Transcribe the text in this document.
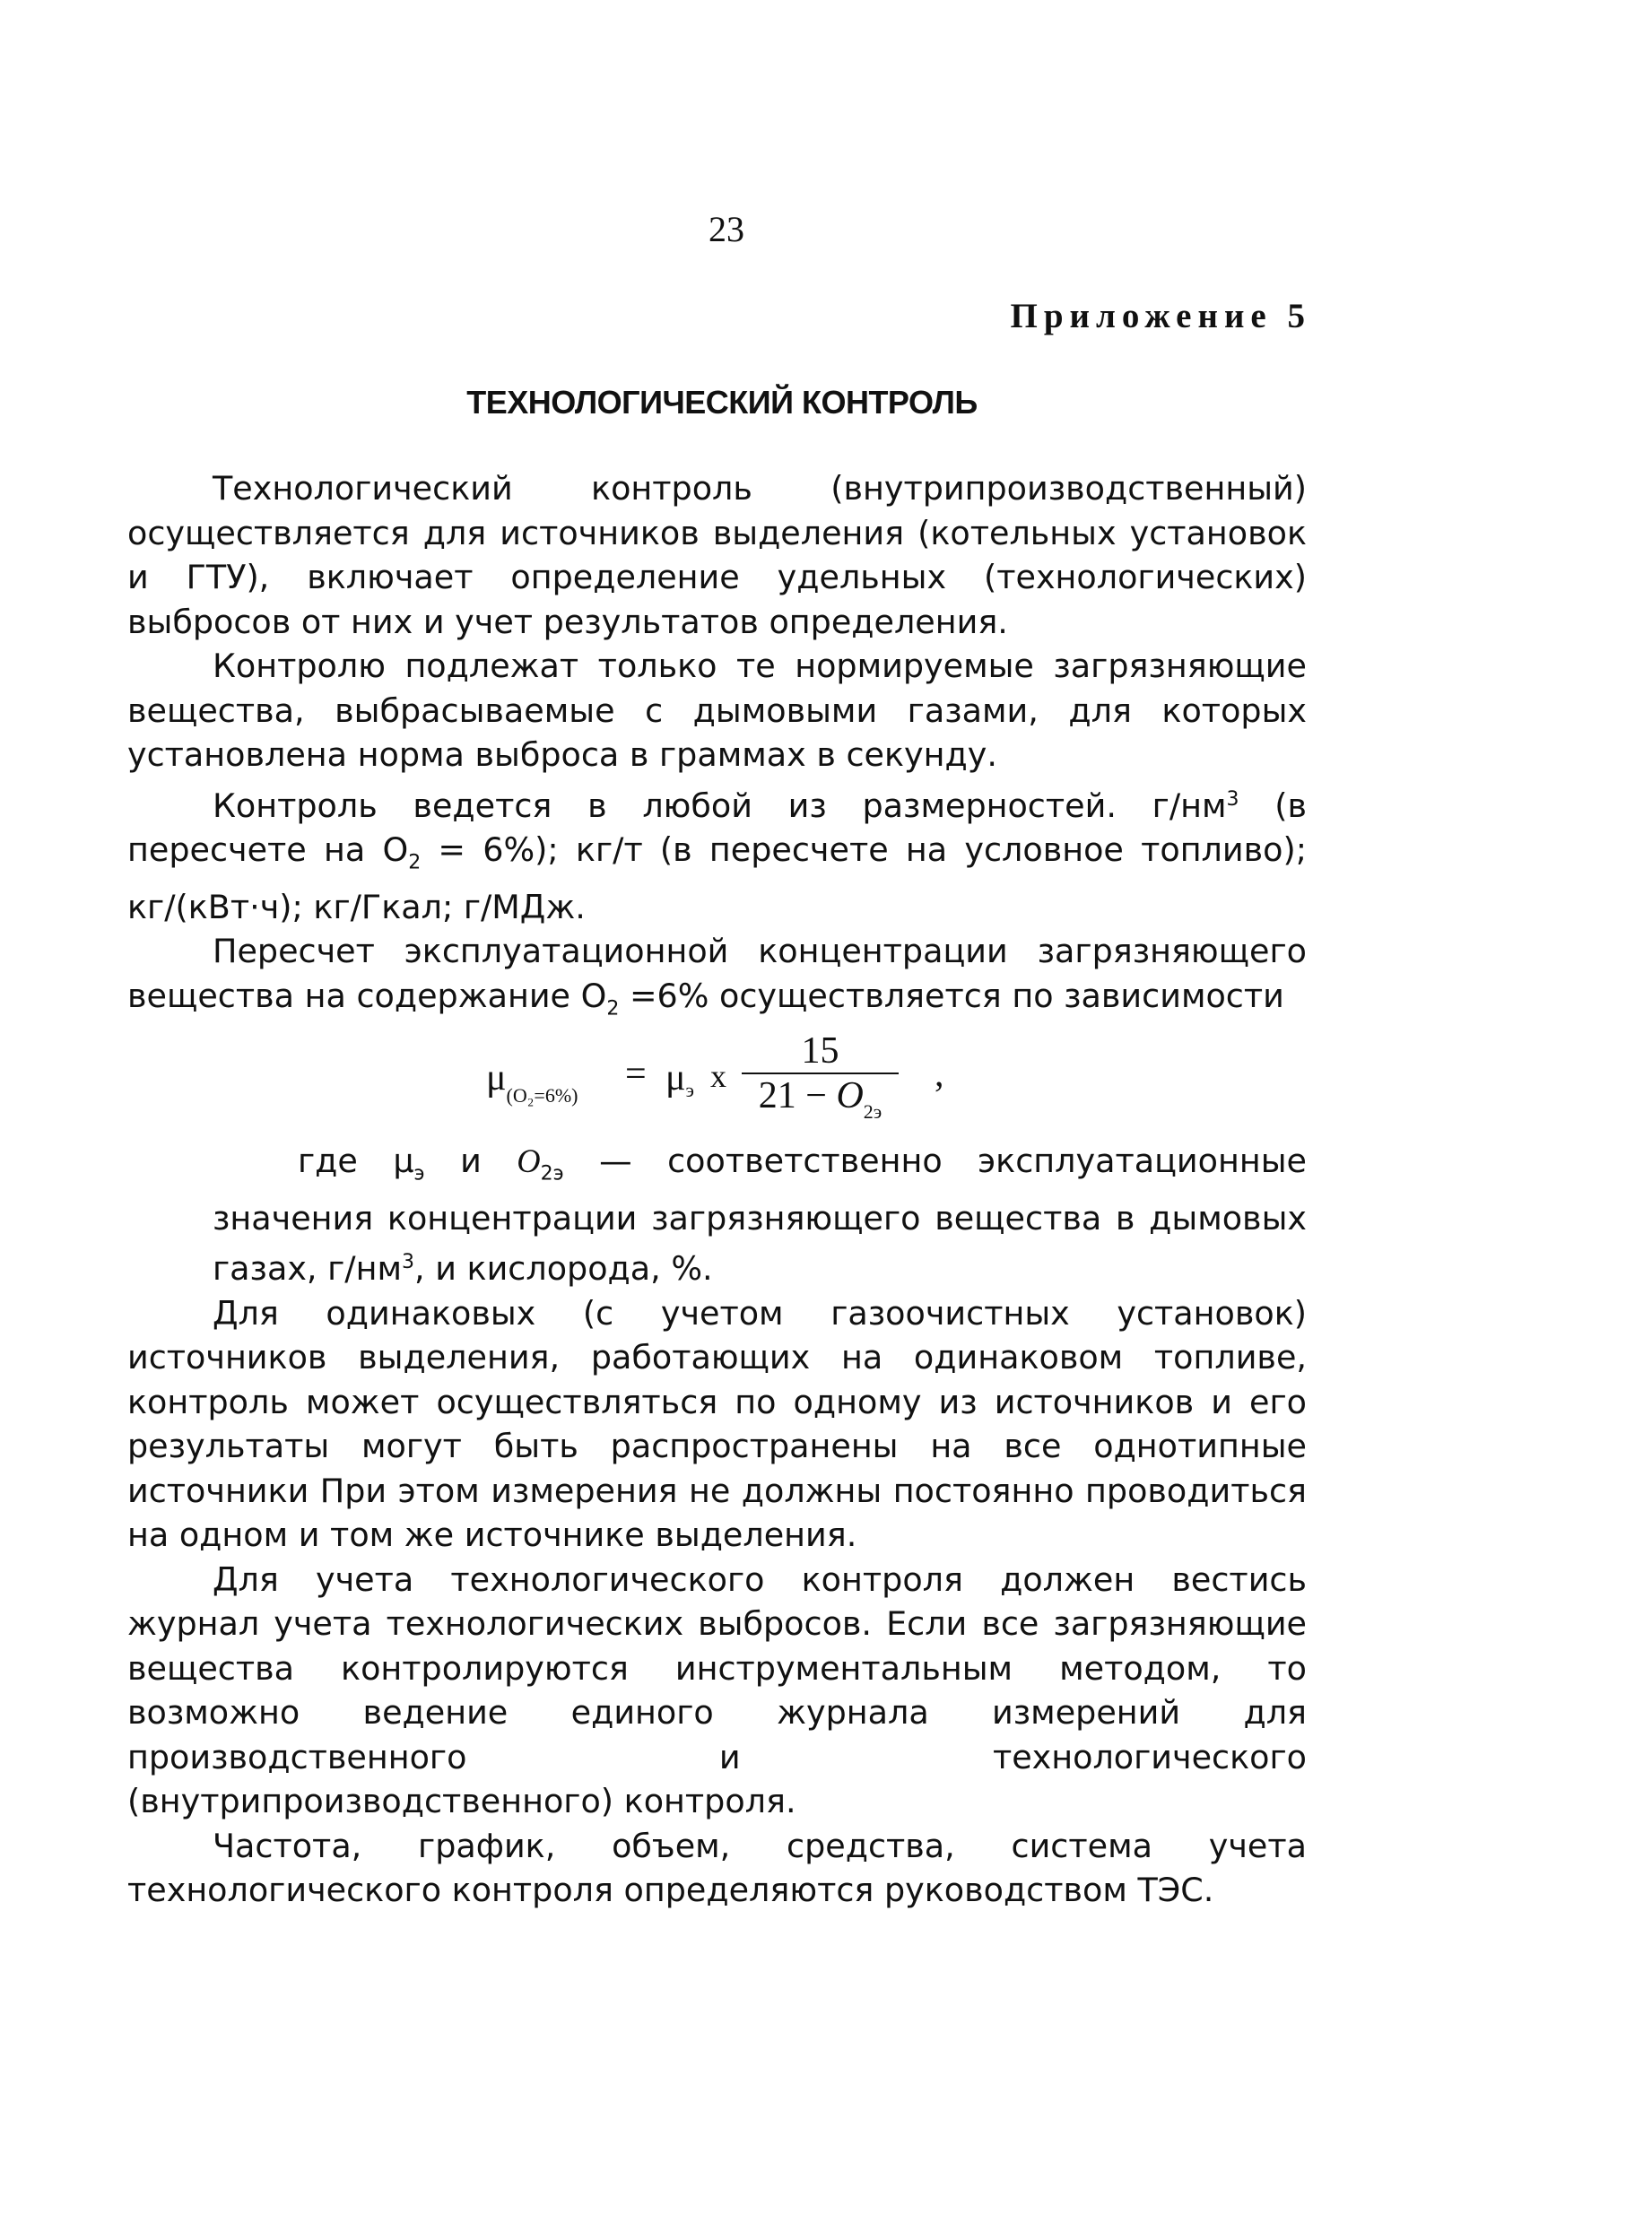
23
Приложение 5
ТЕХНОЛОГИЧЕСКИЙ КОНТРОЛЬ

Технологический контроль (внутрипроизводственный) осуществляется для источников выделения (котельных установок и ГТУ), включает определение удельных (технологических) выбросов от них и учет результатов определения.

Контролю подлежат только те нормируемые загрязняющие вещества, выбрасываемые с дымовыми газами, для которых установлена норма выброса в граммах в секунду.

Контроль ведется в любой из размерностей. $г/нм^3$ (в пересчете на $О_2 = 6\%$); кг/т (в пересчете на условное топливо); кг/(кВт·ч); кг/Гкал; г/МДж.

Пересчет эксплуатационной концентрации загрязняющего вещества на содержание $О_2 =6\%$ осуществляется по зависимости

$\mu_{(O_2=6\%)}$
= $\mu_э$ x
15
$21 - O_{2э}$
,

где $\mu_э$ и $O_{2э}$ — соответственно эксплуатационные значения концентрации загрязняющего вещества в дымовых газах, $г/нм^3$, и кислорода, %.

Для одинаковых (с учетом газоочистных установок) источников выделения, работающих на одинаковом топливе, контроль может осуществляться по одному из источников и его результаты могут быть распространены на все однотипные источники При этом измерения не должны постоянно проводиться на одном и том же источнике выделения.

Для учета технологического контроля должен вестись журнал учета технологических выбросов. Если все загрязняющие вещества контролируются инструментальным методом, то возможно ведение единого журнала измерений для производственного и технологического (внутрипроизводственного) контроля.

Частота, график, объем, средства, система учета технологического контроля определяются руководством ТЭС.
